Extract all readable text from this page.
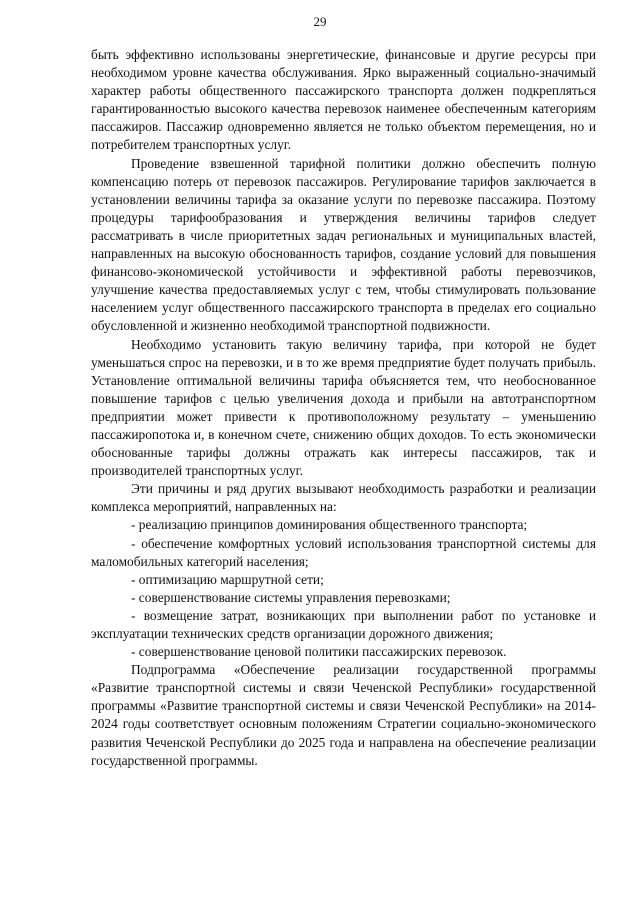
29

быть эффективно использованы энергетические, финансовые и другие ресурсы при необходимом уровне качества обслуживания. Ярко выраженный социально-значимый характер работы общественного пассажирского транспорта должен подкрепляться гарантированностью высокого качества перевозок наименее обеспеченным категориям пассажиров. Пассажир одновременно является не только объектом перемещения, но и потребителем транспортных услуг.

Проведение взвешенной тарифной политики должно обеспечить полную компенсацию потерь от перевозок пассажиров. Регулирование тарифов заключается в установлении величины тарифа за оказание услуги по перевозке пассажира. Поэтому процедуры тарифообразования и утверждения величины тарифов следует рассматривать в числе приоритетных задач региональных и муниципальных властей, направленных на высокую обоснованность тарифов, создание условий для повышения финансово-экономической устойчивости и эффективной работы перевозчиков, улучшение качества предоставляемых услуг с тем, чтобы стимулировать пользование населением услуг общественного пассажирского транспорта в пределах его социально обусловленной и жизненно необходимой транспортной подвижности.

Необходимо установить такую величину тарифа, при которой не будет уменьшаться спрос на перевозки, и в то же время предприятие будет получать прибыль. Установление оптимальной величины тарифа объясняется тем, что необоснованное повышение тарифов с целью увеличения дохода и прибыли на автотранспортном предприятии может привести к противоположному результату – уменьшению пассажиропотока и, в конечном счете, снижению общих доходов. То есть экономически обоснованные тарифы должны отражать как интересы пассажиров, так и производителей транспортных услуг.

Эти причины и ряд других вызывают необходимость разработки и реализации комплекса мероприятий, направленных на:

- реализацию принципов доминирования общественного транспорта;

- обеспечение комфортных условий использования транспортной системы для маломобильных категорий населения;

- оптимизацию маршрутной сети;

- совершенствование системы управления перевозками;

- возмещение затрат, возникающих при выполнении работ по установке и эксплуатации технических средств организации дорожного движения;

- совершенствование ценовой политики пассажирских перевозок.

Подпрограмма «Обеспечение реализации государственной программы «Развитие транспортной системы и связи Чеченской Республики» государственной программы «Развитие транспортной системы и связи Чеченской Республики» на 2014-2024 годы соответствует основным положениям Стратегии социально-экономического развития Чеченской Республики до 2025 года и направлена на обеспечение реализации государственной программы.
